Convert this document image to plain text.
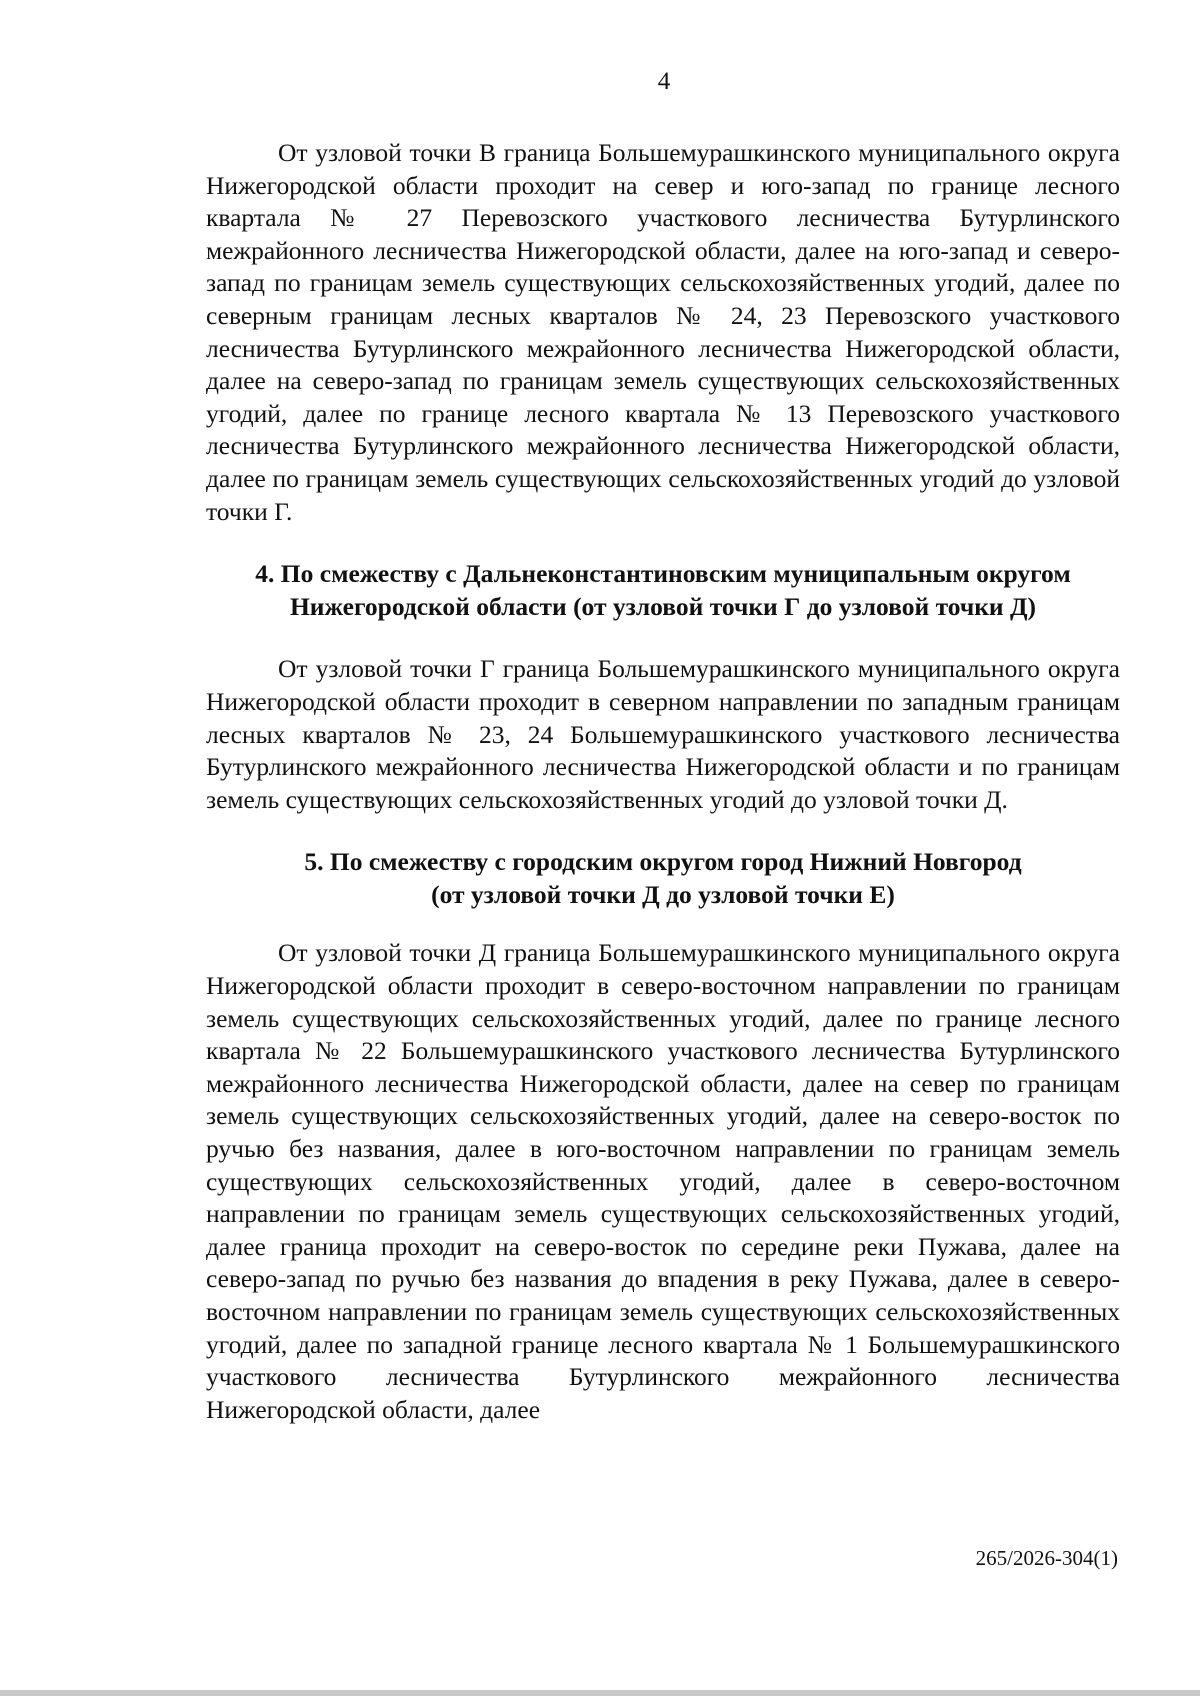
4

От узловой точки В граница Большемурашкинского муниципального округа Нижегородской области проходит на север и юго-запад по границе лесного квартала № 27 Перевозского участкового лесничества Бутурлинского межрайонного лесничества Нижегородской области, далее на юго-запад и северо-запад по границам земель существующих сельскохозяйственных угодий, далее по северным границам лесных кварталов № 24, 23 Перевозского участкового лесничества Бутурлинского межрайонного лесничества Нижегородской области, далее на северо-запад по границам земель существующих сельскохозяйственных угодий, далее по границе лесного квартала № 13 Перевозского участкового лесничества Бутурлинского межрайонного лесничества Нижегородской области, далее по границам земель существующих сельскохозяйственных угодий до узловой точки Г.

4. По смежеству с Дальнеконстантиновским муниципальным округом

Нижегородской области (от узловой точки Г до узловой точки Д)

От узловой точки Г граница Большемурашкинского муниципального округа Нижегородской области проходит в северном направлении по западным границам лесных кварталов № 23, 24 Большемурашкинского участкового лесничества Бутурлинского межрайонного лесничества Нижегородской области и по границам земель существующих сельскохозяйственных угодий до узловой точки Д.

5. По смежеству с городским округом город Нижний Новгород

(от узловой точки Д до узловой точки Е)

От узловой точки Д граница Большемурашкинского муниципального округа Нижегородской области проходит в северо-восточном направлении по границам земель существующих сельскохозяйственных угодий, далее по границе лесного квартала № 22 Большемурашкинского участкового лесничества Бутурлинского межрайонного лесничества Нижегородской области, далее на север по границам земель существующих сельскохозяйственных угодий, далее на северо-восток по ручью без названия, далее в юго-восточном направлении по границам земель существующих сельскохозяйственных угодий, далее в северо-восточном направлении по границам земель существующих сельскохозяйственных угодий, далее граница проходит на северо-восток по середине реки Пужава, далее на северо-запад по ручью без названия до впадения в реку Пужава, далее в северо-восточном направлении по границам земель существующих сельскохозяйственных угодий, далее по западной границе лесного квартала № 1 Большемурашкинского участкового лесничества Бутурлинского межрайонного лесничества Нижегородской области, далее

265/2026-304(1)
